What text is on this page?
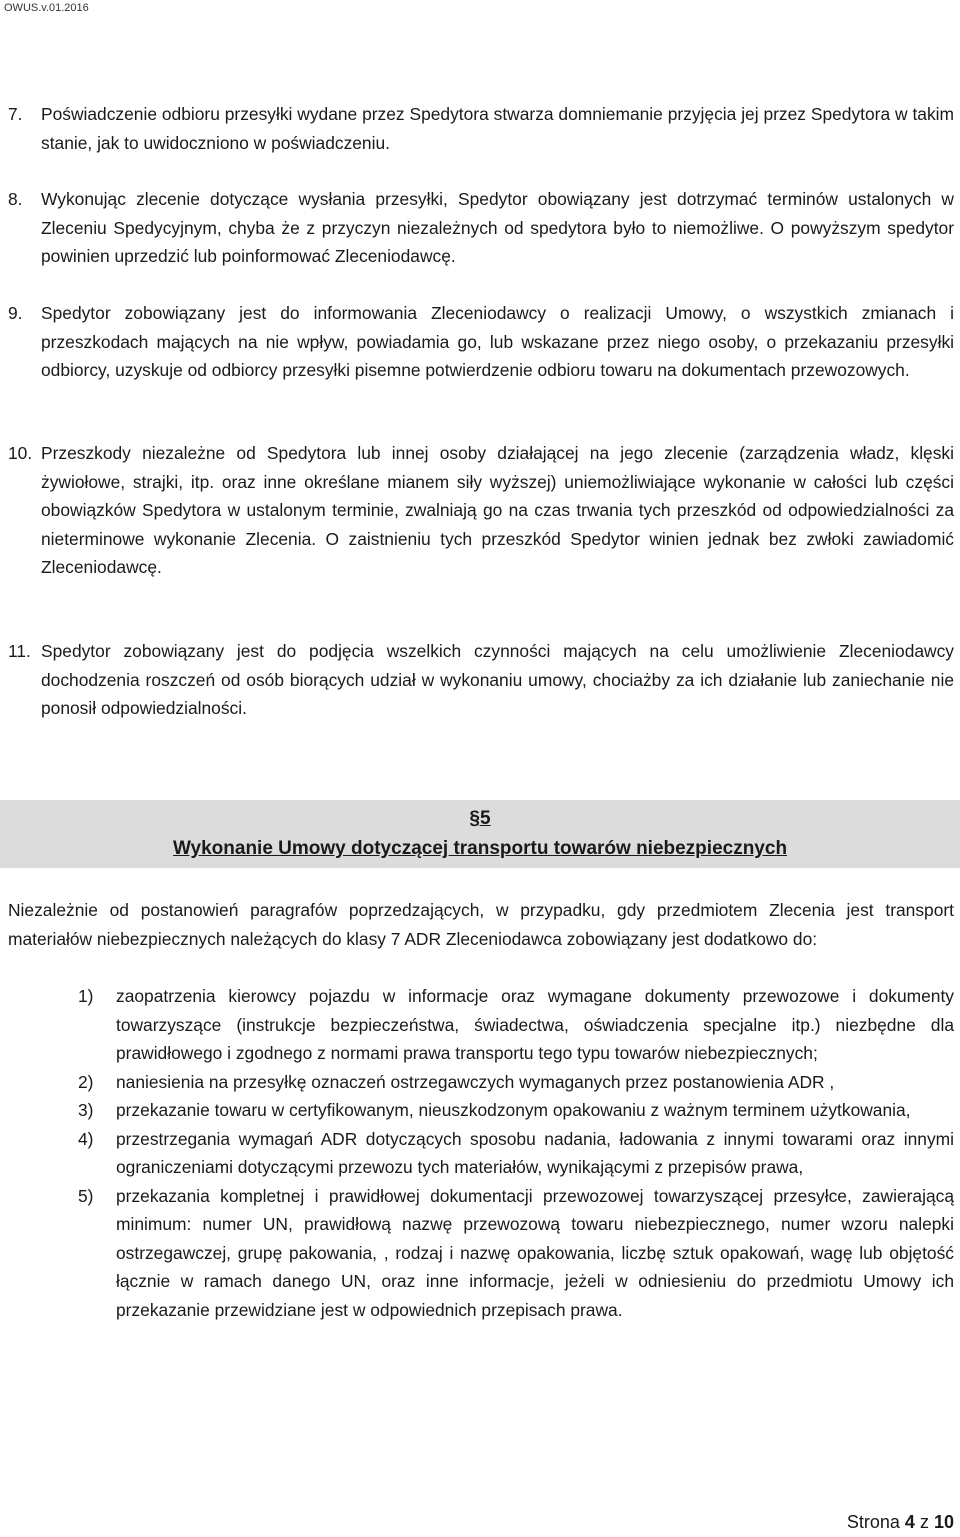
OWUS.v.01.2016
7. Poświadczenie odbioru przesyłki wydane przez Spedytora stwarza domniemanie przyjęcia jej przez Spedytora w takim stanie, jak to uwidoczniono w poświadczeniu.
8. Wykonując zlecenie dotyczące wysłania przesyłki, Spedytor obowiązany jest dotrzymać terminów ustalonych w Zleceniu Spedycyjnym, chyba że z przyczyn niezależnych od spedytora było to niemożliwe. O powyższym spedytor powinien uprzedzić lub poinformować Zleceniodawcę.
9. Spedytor zobowiązany jest do informowania Zleceniodawcy o realizacji Umowy, o wszystkich zmianach i przeszkodach mających na nie wpływ, powiadamia go, lub wskazane przez niego osoby, o przekazaniu przesyłki odbiorcy, uzyskuje od odbiorcy przesyłki pisemne potwierdzenie odbioru towaru na dokumentach przewozowych.
10. Przeszkody niezależne od Spedytora lub innej osoby działającej na jego zlecenie (zarządzenia władz, klęski żywiołowe, strajki, itp. oraz inne określane mianem siły wyższej) uniemożliwiające wykonanie w całości lub części obowiązków Spedytora w ustalonym terminie, zwalniają go na czas trwania tych przeszkód od odpowiedzialności za nieterminowe wykonanie Zlecenia. O zaistnieniu tych przeszkód Spedytor winien jednak bez zwłoki zawiadomić Zleceniodawcę.
11. Spedytor zobowiązany jest do podjęcia wszelkich czynności mających na celu umożliwienie Zleceniodawcy dochodzenia roszczeń od osób biorących udział w wykonaniu umowy, chociażby za ich działanie lub zaniechanie nie ponosił odpowiedzialności.
§5
Wykonanie Umowy dotyczącej transportu towarów niebezpiecznych
Niezależnie od postanowień paragrafów poprzedzających, w przypadku, gdy przedmiotem Zlecenia jest transport materiałów niebezpiecznych należących do klasy 7 ADR Zleceniodawca zobowiązany jest dodatkowo do:
1) zaopatrzenia kierowcy pojazdu w informacje oraz wymagane dokumenty przewozowe i dokumenty towarzyszące (instrukcje bezpieczeństwa, świadectwa, oświadczenia specjalne itp.) niezbędne dla prawidłowego i zgodnego z normami prawa transportu tego typu towarów niebezpiecznych;
2) naniesienia na przesyłkę oznaczeń ostrzegawczych wymaganych przez postanowienia ADR ,
3) przekazanie towaru w certyfikowanym, nieuszkodzonym opakowaniu z ważnym terminem użytkowania,
4) przestrzegania wymagań ADR dotyczących sposobu nadania, ładowania z innymi towarami oraz innymi ograniczeniami dotyczącymi przewozu tych materiałów, wynikającymi z przepisów prawa,
5) przekazania kompletnej i prawidłowej dokumentacji przewozowej towarzyszącej przesyłce, zawierającą minimum: numer UN, prawidłową nazwę przewozową towaru niebezpiecznego, numer wzoru nalepki ostrzegawczej, grupę pakowania, , rodzaj i nazwę opakowania, liczbę sztuk opakowań, wagę lub objętość łącznie w ramach danego UN, oraz inne informacje, jeżeli w odniesieniu do przedmiotu Umowy ich przekazanie przewidziane jest w odpowiednich przepisach prawa.
Strona 4 z 10
